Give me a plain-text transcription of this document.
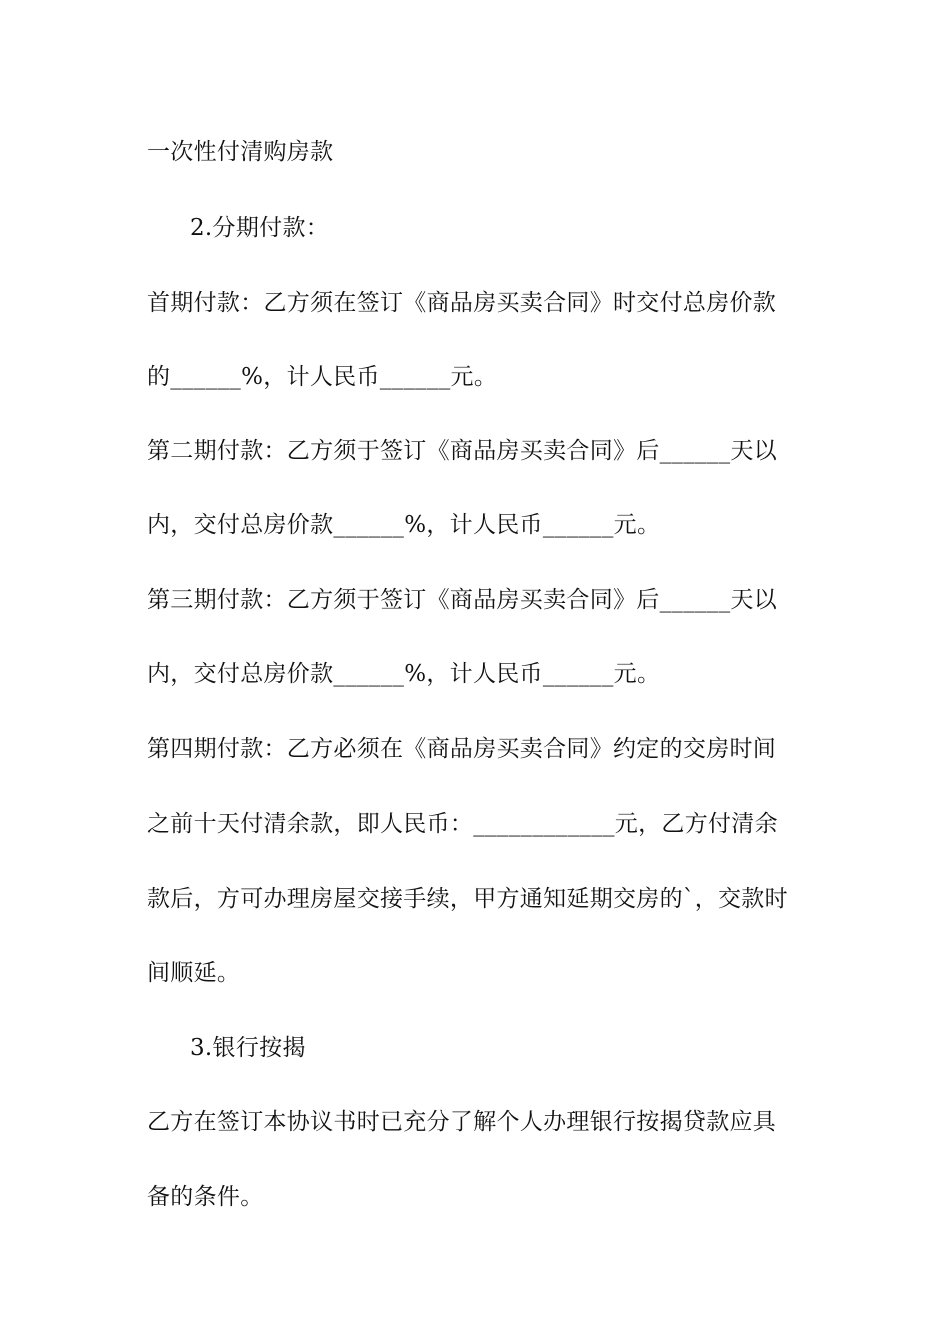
一次性付清购房款
2.分期付款：
首期付款：乙方须在签订《商品房买卖合同》时交付总房价款
的______%，计人民币______元。
第二期付款：乙方须于签订《商品房买卖合同》后______天以
内，交付总房价款______%，计人民币______元。
第三期付款：乙方须于签订《商品房买卖合同》后______天以
内，交付总房价款______%，计人民币______元。
第四期付款：乙方必须在《商品房买卖合同》约定的交房时间
之前十天付清余款，即人民币：____________元，乙方付清余
款后，方可办理房屋交接手续，甲方通知延期交房的`，交款时
间顺延。
3.银行按揭
乙方在签订本协议书时已充分了解个人办理银行按揭贷款应具
备的条件。
